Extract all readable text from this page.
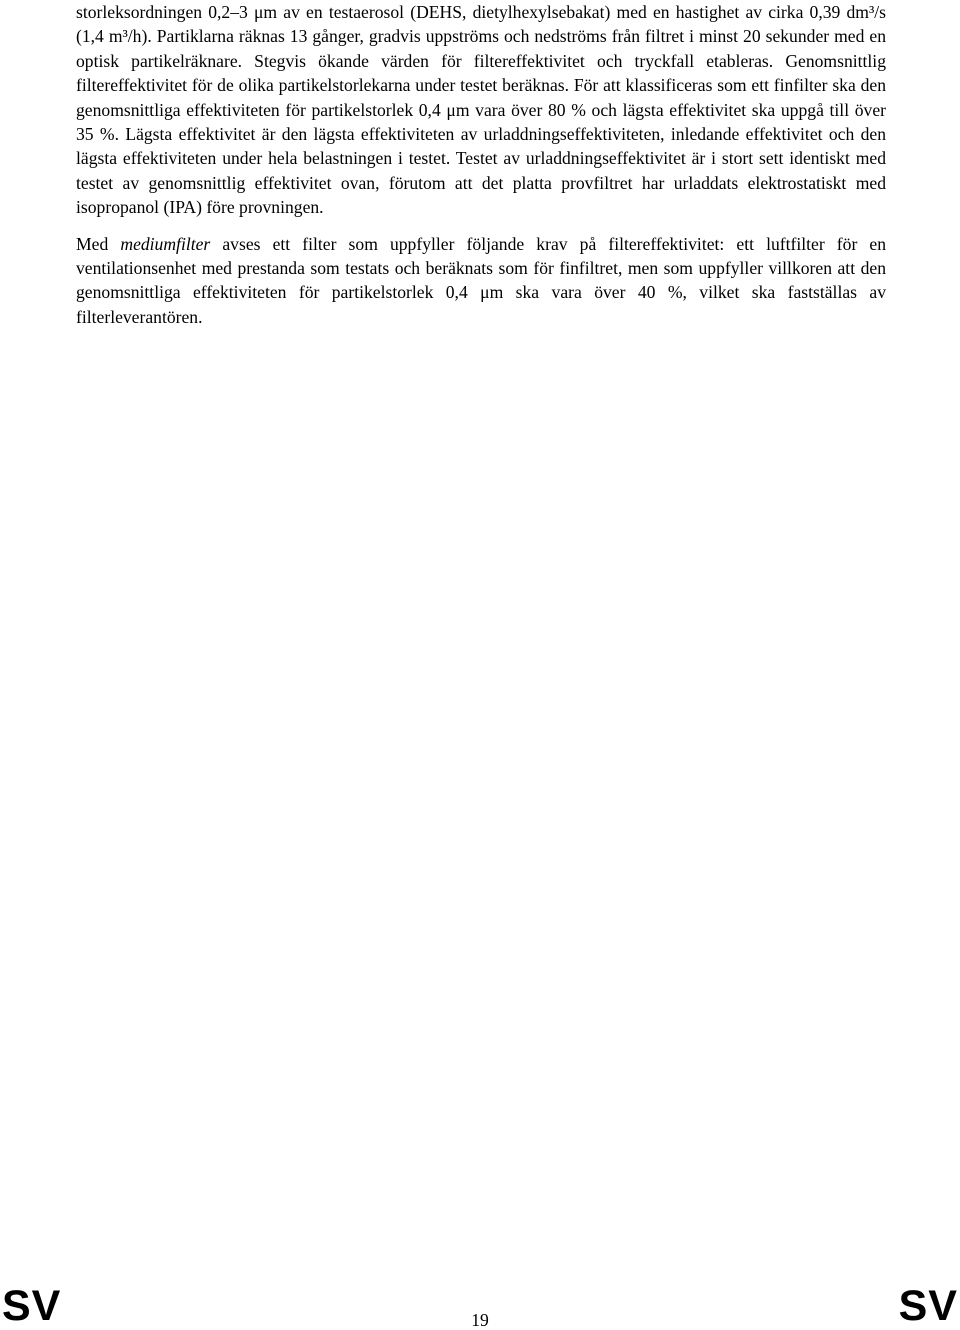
storleksordningen 0,2–3 μm av en testaerosol (DEHS, dietylhexylsebakat) med en hastighet av cirka 0,39 dm³/s (1,4 m³/h). Partiklarna räknas 13 gånger, gradvis uppströms och nedströms från filtret i minst 20 sekunder med en optisk partikelräknare. Stegvis ökande värden för filtereffektivitet och tryckfall etableras. Genomsnittlig filtereffektivitet för de olika partikelstorlekarna under testet beräknas. För att klassificeras som ett finfilter ska den genomsnittliga effektiviteten för partikelstorlek 0,4 μm vara över 80 % och lägsta effektivitet ska uppgå till över 35 %. Lägsta effektivitet är den lägsta effektiviteten av urladdningseffektiviteten, inledande effektivitet och den lägsta effektiviteten under hela belastningen i testet. Testet av urladdningseffektivitet är i stort sett identiskt med testet av genomsnittlig effektivitet ovan, förutom att det platta provfiltret har urladdats elektrostatiskt med isopropanol (IPA) före provningen.

Med mediumfilter avses ett filter som uppfyller följande krav på filtereffektivitet: ett luftfilter för en ventilationsenhet med prestanda som testats och beräknats som för finfiltret, men som uppfyller villkoren att den genomsnittliga effektiviteten för partikelstorlek 0,4 μm ska vara över 40 %, vilket ska fastställas av filterleverantören.

SV	19	SV
